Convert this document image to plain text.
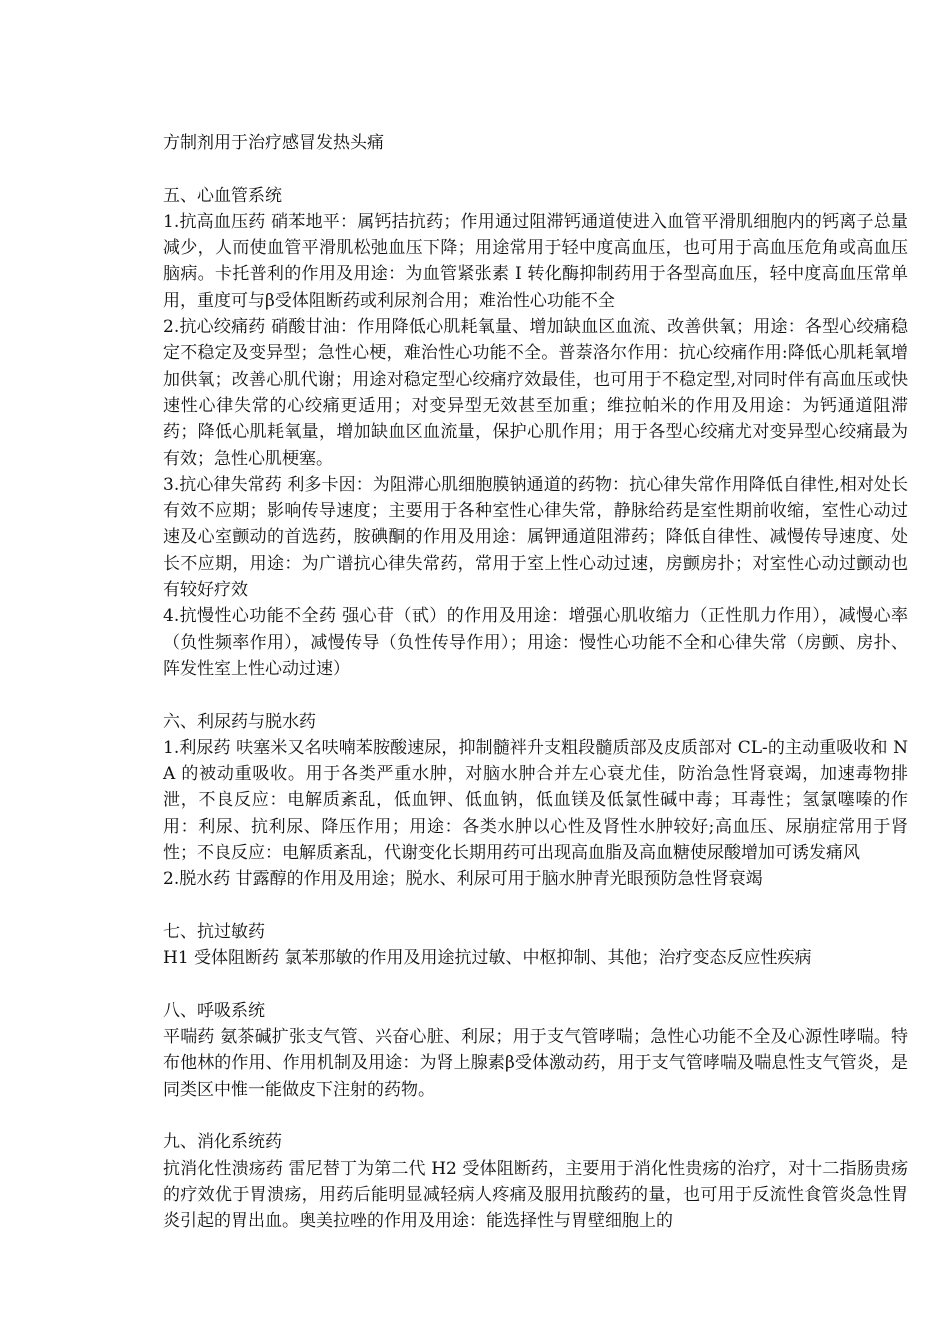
方制剂用于治疗感冒发热头痛

五、心血管系统

1.抗高血压药 硝苯地平：属钙拮抗药；作用通过阻滞钙通道使进入血管平滑肌细胞内的钙离子总量减少，人而使血管平滑肌松弛血压下降；用途常用于轻中度高血压，也可用于高血压危角或高血压脑病。卡托普利的作用及用途：为血管紧张素 I 转化酶抑制药用于各型高血压，轻中度高血压常单用，重度可与β受体阻断药或利尿剂合用；难治性心功能不全

2.抗心绞痛药 硝酸甘油：作用降低心肌耗氧量、增加缺血区血流、改善供氧；用途：各型心绞痛稳定不稳定及变异型；急性心梗，难治性心功能不全。普萘洛尔作用：抗心绞痛作用:降低心肌耗氧增加供氧；改善心肌代谢；用途对稳定型心绞痛疗效最佳，也可用于不稳定型,对同时伴有高血压或快速性心律失常的心绞痛更适用；对变异型无效甚至加重；维拉帕米的作用及用途：为钙通道阻滞药；降低心肌耗氧量，增加缺血区血流量，保护心肌作用；用于各型心绞痛尤对变异型心绞痛最为有效；急性心肌梗塞。

3.抗心律失常药 利多卡因：为阻滞心肌细胞膜钠通道的药物：抗心律失常作用降低自律性,相对处长有效不应期；影响传导速度；主要用于各种室性心律失常，静脉给药是室性期前收缩，室性心动过速及心室颤动的首选药，胺碘酮的作用及用途：属钾通道阻滞药；降低自律性、减慢传导速度、处长不应期，用途：为广谱抗心律失常药，常用于室上性心动过速，房颤房扑；对室性心动过颤动也有较好疗效

4.抗慢性心功能不全药 强心苷（甙）的作用及用途：增强心肌收缩力（正性肌力作用），减慢心率（负性频率作用），减慢传导（负性传导作用）；用途：慢性心功能不全和心律失常（房颤、房扑、阵发性室上性心动过速）

六、利尿药与脱水药

1.利尿药 呋塞米又名呋喃苯胺酸速尿，抑制髓袢升支粗段髓质部及皮质部对 CL-的主动重吸收和 NA 的被动重吸收。用于各类严重水肿，对脑水肿合并左心衰尤佳，防治急性肾衰竭，加速毒物排泄，不良反应：电解质紊乱，低血钾、低血钠，低血镁及低氯性碱中毒；耳毒性；氢氯噻嗪的作用：利尿、抗利尿、降压作用；用途：各类水肿以心性及肾性水肿较好;高血压、尿崩症常用于肾性；不良反应：电解质紊乱，代谢变化长期用药可出现高血脂及高血糖使尿酸增加可诱发痛风

2.脱水药 甘露醇的作用及用途；脱水、利尿可用于脑水肿青光眼预防急性肾衰竭

七、抗过敏药

H1 受体阻断药 氯苯那敏的作用及用途抗过敏、中枢抑制、其他；治疗变态反应性疾病

八、呼吸系统

平喘药 氨茶碱扩张支气管、兴奋心脏、利尿；用于支气管哮喘；急性心功能不全及心源性哮喘。特布他林的作用、作用机制及用途：为肾上腺素β受体激动药，用于支气管哮喘及喘息性支气管炎，是同类区中惟一能做皮下注射的药物。

九、消化系统药

抗消化性溃疡药 雷尼替丁为第二代 H2 受体阻断药，主要用于消化性贵疡的治疗，对十二指肠贵疡的疗效优于胃溃疡，用药后能明显减轻病人疼痛及服用抗酸药的量，也可用于反流性食管炎急性胃炎引起的胃出血。奥美拉唑的作用及用途：能选择性与胃壁细胞上的
